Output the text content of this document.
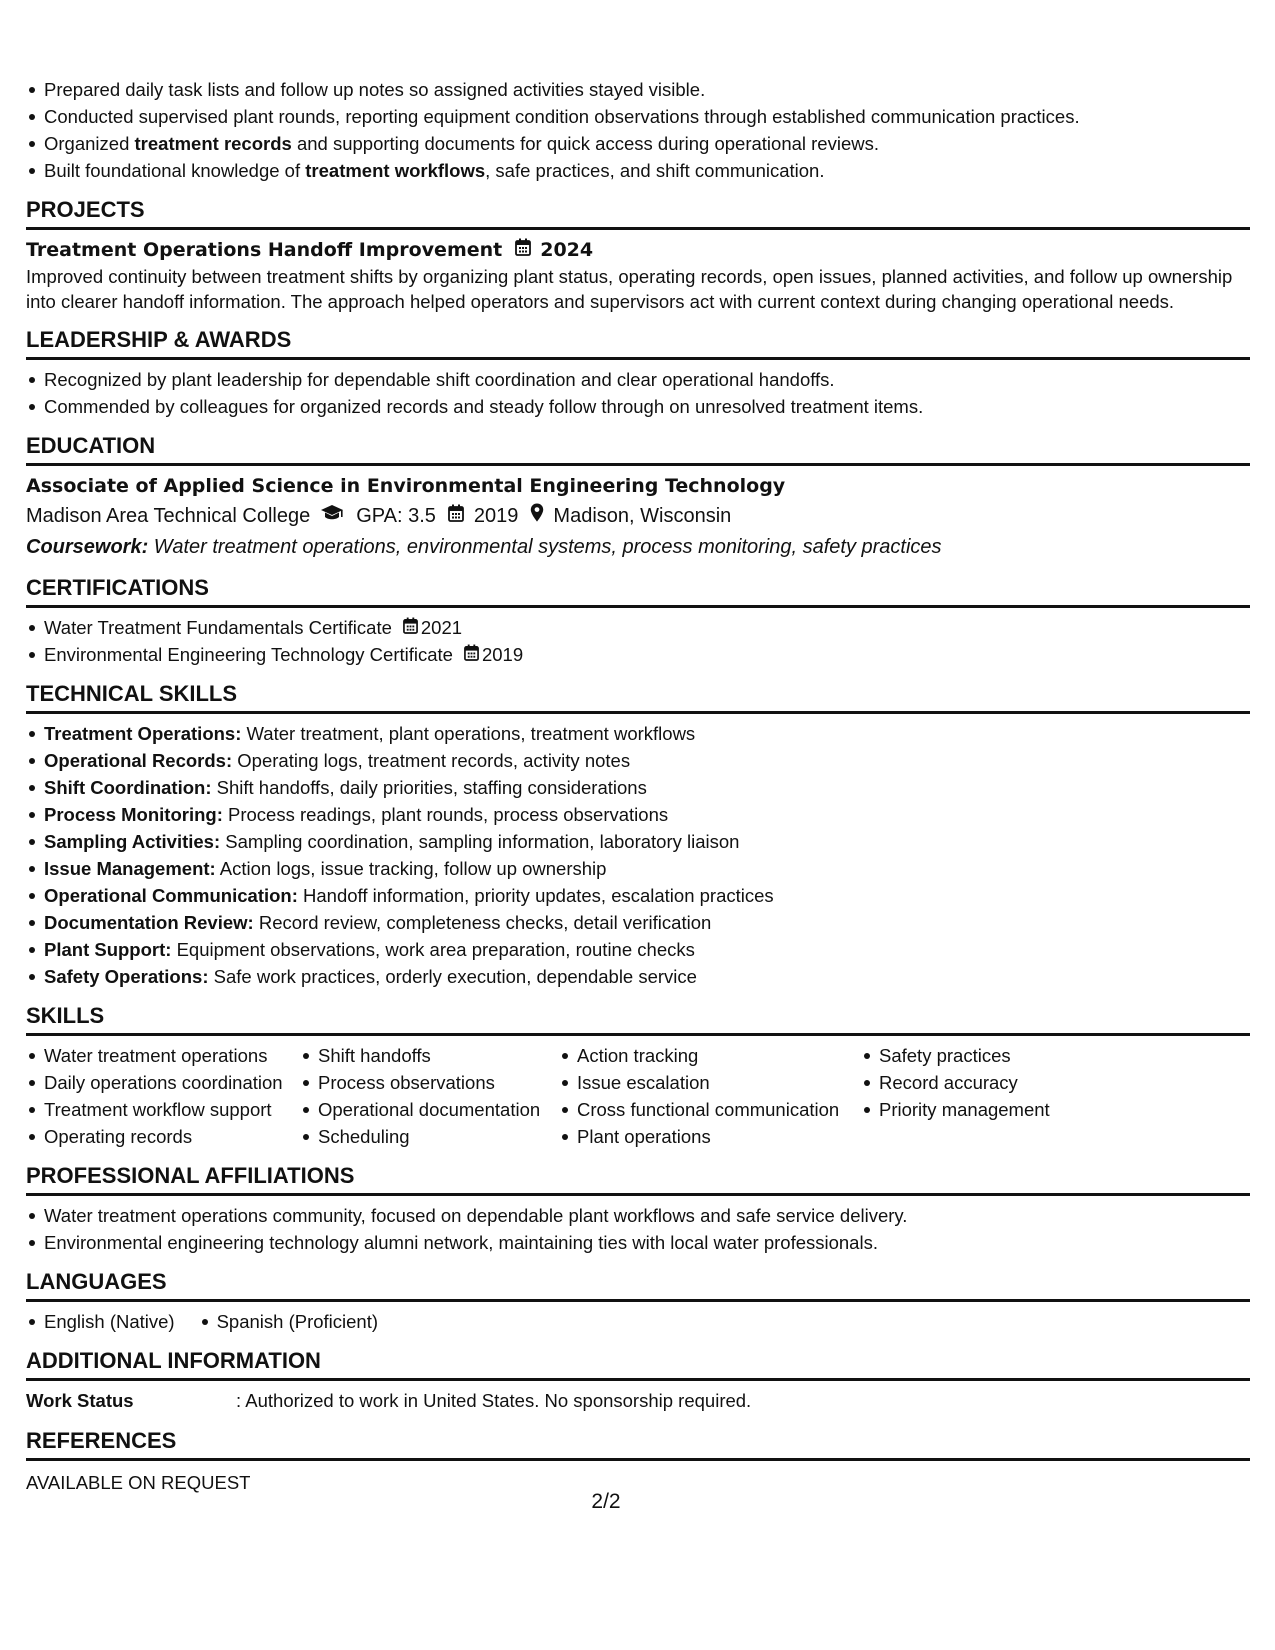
Prepared daily task lists and follow up notes so assigned activities stayed visible.
Conducted supervised plant rounds, reporting equipment condition observations through established communication practices.
Organized treatment records and supporting documents for quick access during operational reviews.
Built foundational knowledge of treatment workflows, safe practices, and shift communication.
PROJECTS
Treatment Operations Handoff Improvement 2024
Improved continuity between treatment shifts by organizing plant status, operating records, open issues, planned activities, and follow up ownership into clearer handoff information. The approach helped operators and supervisors act with current context during changing operational needs.
LEADERSHIP & AWARDS
Recognized by plant leadership for dependable shift coordination and clear operational handoffs.
Commended by colleagues for organized records and steady follow through on unresolved treatment items.
EDUCATION
Associate of Applied Science in Environmental Engineering Technology
Madison Area Technical College GPA: 3.5 2019 Madison, Wisconsin
Coursework: Water treatment operations, environmental systems, process monitoring, safety practices
CERTIFICATIONS
Water Treatment Fundamentals Certificate 2021
Environmental Engineering Technology Certificate 2019
TECHNICAL SKILLS
Treatment Operations: Water treatment, plant operations, treatment workflows
Operational Records: Operating logs, treatment records, activity notes
Shift Coordination: Shift handoffs, daily priorities, staffing considerations
Process Monitoring: Process readings, plant rounds, process observations
Sampling Activities: Sampling coordination, sampling information, laboratory liaison
Issue Management: Action logs, issue tracking, follow up ownership
Operational Communication: Handoff information, priority updates, escalation practices
Documentation Review: Record review, completeness checks, detail verification
Plant Support: Equipment observations, work area preparation, routine checks
Safety Operations: Safe work practices, orderly execution, dependable service
SKILLS
Water treatment operations
Daily operations coordination
Treatment workflow support
Operating records
Shift handoffs
Process observations
Operational documentation
Scheduling
Action tracking
Issue escalation
Cross functional communication
Plant operations
Safety practices
Record accuracy
Priority management
PROFESSIONAL AFFILIATIONS
Water treatment operations community, focused on dependable plant workflows and safe service delivery.
Environmental engineering technology alumni network, maintaining ties with local water professionals.
LANGUAGES
English (Native)	Spanish (Proficient)
ADDITIONAL INFORMATION
Work Status	: Authorized to work in United States. No sponsorship required.
REFERENCES
AVAILABLE ON REQUEST
2/2
